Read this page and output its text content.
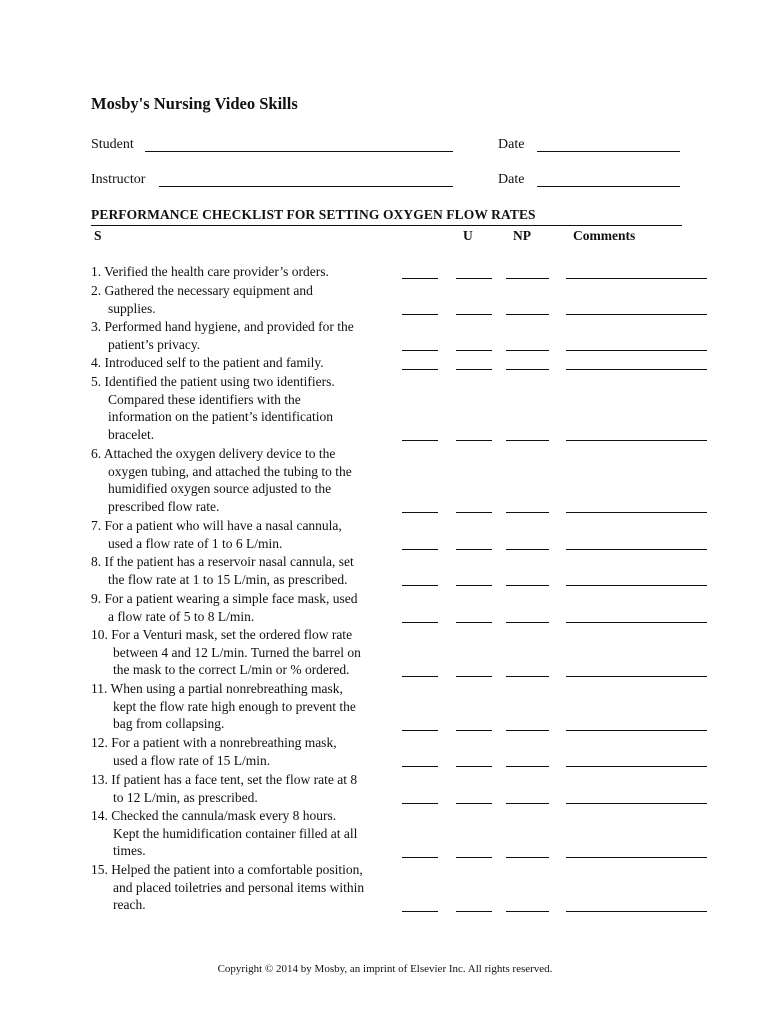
Mosby's Nursing Video Skills
Student	Date
Instructor	Date
PERFORMANCE CHECKLIST FOR SETTING OXYGEN FLOW RATES
S	U	NP	Comments
1. Verified the health care provider’s orders.
2. Gathered the necessary equipment and
supplies.
3. Performed hand hygiene, and provided for the
patient’s privacy.
4. Introduced self to the patient and family.
5. Identified the patient using two identifiers.
Compared these identifiers with the
information on the patient’s identification
bracelet.
6. Attached the oxygen delivery device to the
oxygen tubing, and attached the tubing to the
humidified oxygen source adjusted to the
prescribed flow rate.
7. For a patient who will have a nasal cannula,
used a flow rate of 1 to 6 L/min.
8. If the patient has a reservoir nasal cannula, set
the flow rate at 1 to 15 L/min, as prescribed.
9. For a patient wearing a simple face mask, used
a flow rate of 5 to 8 L/min.
10. For a Venturi mask, set the ordered flow rate
between 4 and 12 L/min. Turned the barrel on
the mask to the correct L/min or % ordered.
11. When using a partial nonrebreathing mask,
kept the flow rate high enough to prevent the
bag from collapsing.
12. For a patient with a nonrebreathing mask,
used a flow rate of 15 L/min.
13. If patient has a face tent, set the flow rate at 8
to 12 L/min, as prescribed.
14. Checked the cannula/mask every 8 hours.
Kept the humidification container filled at all
times.
15. Helped the patient into a comfortable position,
and placed toiletries and personal items within
reach.
Copyright © 2014 by Mosby, an imprint of Elsevier Inc. All rights reserved.
